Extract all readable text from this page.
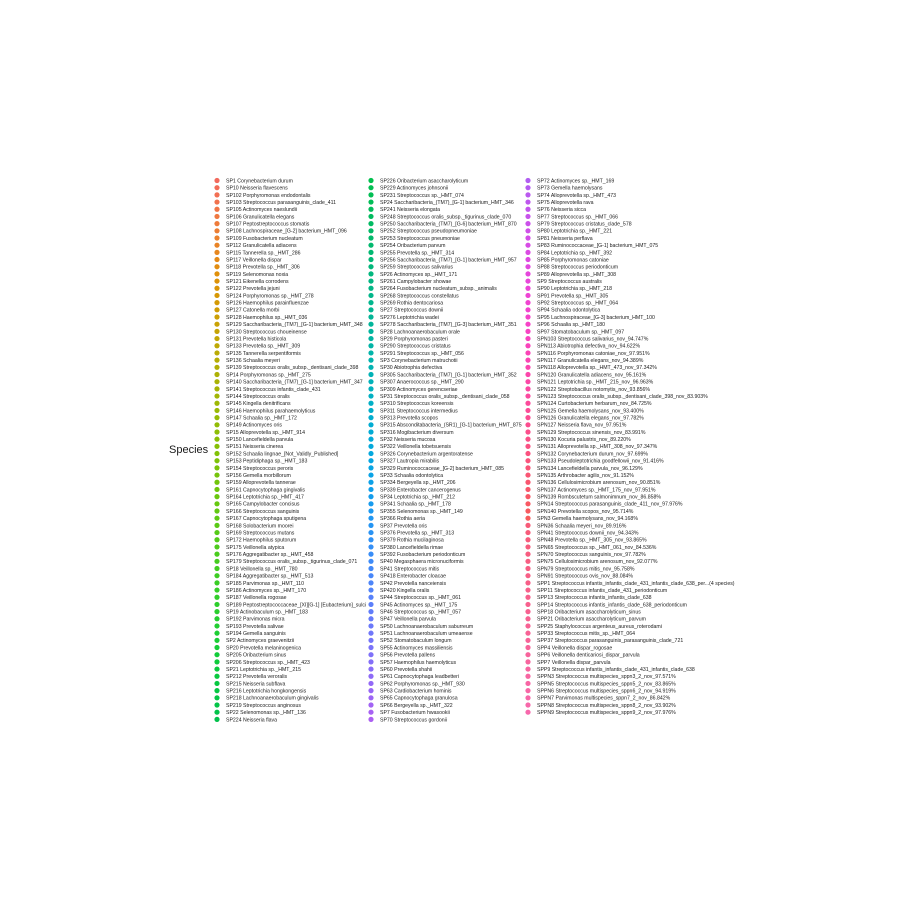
Species
SP1 Corynebacterium durum
SP10 Neisseria flavescens
SP102 Porphyromonas endodontalis
SP103 Streptococcus parasanguinis_clade_411
SP105 Actinomyces naeslundii
SP106 Granulicatella elegans
SP107 Peptostreptococcus stomatis
SP108 Lachnospiraceae_[G-2] bacterium_HMT_096
SP109 Fusobacterium nucleatum
SP112 Granulicatella adiacens
SP115 Tannerella sp._HMT_286
SP117 Veillonella dispar
SP118 Prevotella sp._HMT_306
SP119 Selenomonas noxia
SP121 Eikenella corrodens
SP122 Prevotella jejuni
SP124 Porphyromonas sp._HMT_278
SP126 Haemophilus parainfluenzae
SP127 Catonella morbi
SP128 Haemophilus sp._HMT_036
SP129 Saccharibacteria_(TM7)_[G-1] bacterium_HMT_348
SP130 Streptococcus choueinense
SP131 Prevotella histicola
SP133 Prevotella sp._HMT_309
SP135 Tannerella serpentiformis
SP136 Schaalia meyeri
SP139 Streptococcus oralis_subsp._dentisani_clade_398
SP14 Porphyromonas sp._HMT_275
SP140 Saccharibacteria_(TM7)_[G-1] bacterium_HMT_347
SP141 Streptococcus infantis_clade_431
SP144 Streptococcus oralis
SP145 Kingella denitrificans
SP146 Haemophilus parahaemolyticus
SP147 Schaalia sp._HMT_172
SP149 Actinomyces oris
SP15 Alloprevotella sp._HMT_914
SP150 Lancefieldella parvula
SP151 Neisseria cinerea
SP152 Schaalia lingnae_[Not_Validly_Published]
SP153 Peptidiphaga sp._HMT_183
SP154 Streptococcus peroris
SP156 Gemella morbillorum
SP159 Alloprevotella tannerae
SP161 Capnocytophaga gingivalis
SP164 Leptotrichia sp._HMT_417
SP165 Campylobacter concisus
SP166 Streptococcus sanguinis
SP167 Capnocytophaga sputigena
SP168 Solobacterium moorei
SP169 Streptococcus mutans
SP172 Haemophilus sputorum
SP175 Veillonella atypica
SP176 Aggregatibacter sp._HMT_458
SP179 Streptococcus oralis_subsp._tigurinus_clade_071
SP18 Veillonella sp._HMT_780
SP184 Aggregatibacter sp._HMT_513
SP185 Parvimonas sp._HMT_110
SP186 Actinomyces sp._HMT_170
SP187 Veillonella rogosae
SP189 Peptostreptococcaceae_[XI][G-1] [Eubacterium]_sulci
SP19 Actinobaculum sp._HMT_183
SP192 Parvimonas micra
SP193 Prevotella salivae
SP194 Gemella sanguinis
SP2 Actinomyces graevenitzii
SP20 Prevotella melaninogenica
SP205 Oribacterium sinus
SP206 Streptococcus sp._HMT_423
SP21 Leptotrichia sp._HMT_215
SP212 Prevotella veroralis
SP215 Neisseria subflava
SP216 Leptotrichia hongkongensis
SP218 Lachnoanaerobaculum gingivalis
SP219 Streptococcus anginosus
SP22 Selenomonas sp._HMT_136
SP224 Neisseria flava
SP226 Oribacterium asaccharolyticum
SP229 Actinomyces johnsonii
SP231 Streptococcus sp._HMT_074
SP24 Saccharibacteria_(TM7)_[G-1] bacterium_HMT_346
SP241 Neisseria elongata
SP248 Streptococcus oralis_subsp._tigurinus_clade_070
SP250 Saccharibacteria_(TM7)_[G-6] bacterium_HMT_870
SP252 Streptococcus pseudopneumoniae
SP253 Streptococcus pneumoniae
SP254 Oribacterium parvum
SP255 Prevotella sp._HMT_314
SP256 Saccharibacteria_(TM7)_[G-1] bacterium_HMT_957
SP259 Streptococcus salivarius
SP26 Actinomyces sp._HMT_171
SP261 Campylobacter showae
SP264 Fusobacterium nucleatum_subsp._animalis
SP268 Streptococcus constellatus
SP269 Rothia dentocariosa
SP27 Streptococcus downii
SP276 Leptotrichia wadei
SP278 Saccharibacteria_(TM7)_[G-3] bacterium_HMT_351
SP28 Lachnoanaerobaculum orale
SP29 Porphyromonas pasteri
SP290 Streptococcus cristatus
SP291 Streptococcus sp._HMT_056
SP3 Corynebacterium matruchotii
SP30 Abiotrophia defectiva
SP305 Saccharibacteria_(TM7)_[G-1] bacterium_HMT_352
SP307 Anaerococcus sp._HMT_290
SP309 Actinomyces gerencseriae
SP31 Streptococcus oralis_subsp._dentisani_clade_058
SP310 Streptococcus koreensis
SP311 Streptococcus intermedius
SP313 Prevotella scopos
SP315 Absconditabacteria_(SR1)_[G-1] bacterium_HMT_875
SP316 Mogibacterium diversum
SP32 Neisseria mucosa
SP322 Veillonella tobetsuensis
SP326 Corynebacterium argentoratense
SP327 Lautropia mirabilis
SP329 Ruminococcaceae_[G-2] bacterium_HMT_085
SP33 Schaalia odontolytica
SP334 Bergeyella sp._HMT_206
SP339 Enterobacter cancerogenus
SP34 Leptotrichia sp._HMT_212
SP341 Schaalia sp._HMT_178
SP355 Selenomonas sp._HMT_149
SP366 Rothia aeria
SP37 Prevotella oris
SP376 Prevotella sp._HMT_313
SP379 Rothia mucilaginosa
SP380 Lancefieldella rimae
SP392 Fusobacterium periodonticum
SP40 Megasphaera micronuciformis
SP41 Streptococcus mitis
SP418 Enterobacter cloacae
SP42 Prevotella nanceiensis
SP420 Kingella oralis
SP44 Streptococcus sp._HMT_061
SP45 Actinomyces sp._HMT_175
SP46 Streptococcus sp._HMT_057
SP47 Veillonella parvula
SP50 Lachnoanaerobaculum saburreum
SP51 Lachnoanaerobaculum umeaense
SP52 Stomatobaculum longum
SP55 Actinomyces massiliensis
SP56 Prevotella pallens
SP57 Haemophilus haemolyticus
SP60 Prevotella shahii
SP61 Capnocytophaga leadbetteri
SP62 Porphyromonas sp._HMT_930
SP63 Cardiobacterium hominis
SP65 Capnocytophaga granulosa
SP66 Bergeyella sp._HMT_322
SP7 Fusobacterium hwasookii
SP70 Streptococcus gordonii
SP72 Actinomyces sp._HMT_169
SP73 Gemella haemolysans
SP74 Alloprevotella sp._HMT_473
SP75 Alloprevotella rava
SP76 Neisseria sicca
SP77 Streptococcus sp._HMT_066
SP79 Streptococcus cristatus_clade_578
SP80 Leptotrichia sp._HMT_221
SP81 Neisseria perflava
SP83 Ruminococcaceae_[G-1] bacterium_HMT_075
SP84 Leptotrichia sp._HMT_392
SP85 Porphyromonas catoniae
SP88 Streptococcus periodonticum
SP89 Alloprevotella sp._HMT_308
SP9 Streptococcus australis
SP90 Leptotrichia sp._HMT_218
SP91 Prevotella sp._HMT_305
SP92 Streptococcus sp._HMT_064
SP94 Schaalia odontolytica
SP95 Lachnospiraceae_[G-3] bacterium_HMT_100
SP96 Schaalia sp._HMT_180
SP97 Stomatobaculum sp._HMT_097
SPN103 Streptococcus salivarius_nov_94.747%
SPN113 Abiotrophia defectiva_nov_94.622%
SPN116 Porphyromonas catoniae_nov_97.951%
SPN117 Granulicatella elegans_nov_94.389%
SPN118 Alloprevotella sp._HMT_473_nov_97.342%
SPN120 Granulicatella adiacens_nov_95.161%
SPN121 Leptotrichia sp._HMT_215_nov_96.963%
SPN122 Streptobacillus notomytis_nov_93.856%
SPN123 Streptococcus oralis_subsp._dentisani_clade_398_nov_83.903%
SPN124 Curtobacterium herbarum_nov_84.725%
SPN125 Gemella haemolysans_nov_93.400%
SPN126 Granulicatella elegans_nov_97.782%
SPN127 Neisseria flava_nov_97.951%
SPN129 Streptococcus sinensis_nov_83.991%
SPN130 Kocuria palustris_nov_89.220%
SPN131 Alloprevotella sp._HMT_308_nov_97.347%
SPN132 Corynebacterium durum_nov_97.699%
SPN133 Pseudoleptotrichia goodfellowii_nov_91.416%
SPN134 Lancefieldella parvula_nov_96.129%
SPN135 Arthrobacter agilis_nov_91.152%
SPN136 Cellulosimicrobium arenosum_nov_90.851%
SPN137 Actinomyces sp._HMT_175_nov_97.951%
SPN139 Rombscutetum salmonimnum_nov_86.858%
SPN14 Streptococcus parasanguinis_clade_411_nov_97.976%
SPN140 Prevotella scopos_nov_95.714%
SPN3 Gemella haemolysans_nov_94.168%
SPN36 Schaalia meyeri_nov_89.916%
SPN41 Streptococcus downii_nov_94.343%
SPN48 Prevotella sp._HMT_305_nov_93.865%
SPN65 Streptococcus sp._HMT_061_nov_84.536%
SPN70 Streptococcus sanguinis_nov_97.782%
SPN75 Cellulosimicrobium arenosum_nov_92.077%
SPN79 Streptococcus mitis_nov_95.758%
SPN91 Streptococcus ovis_nov_88.084%
SPP1 Streptococcus infantis_infantis_clade_431_infantis_clade_638_per...(4 species)
SPP11 Streptococcus infantis_clade_431_periodonticum
SPP13 Streptococcus infantis_infantis_clade_638
SPP14 Streptococcus infantis_infantis_clade_638_periodonticum
SPP18 Oribacterium asaccharolyticum_sinus
SPP21 Oribacterium asaccharolyticum_parvum
SPP25 Staphylococcus argenteus_aureus_roterodami
SPP33 Streptococcus mitis_sp._HMT_064
SPP37 Streptococcus parasanguinis_parasanguinis_clade_721
SPP4 Veillonella dispar_rogosae
SPP6 Veillonella denticariosi_dispar_parvula
SPP7 Veillonella dispar_parvula
SPP9 Streptococcus infantis_infantis_clade_431_infantis_clade_638
SPPN3 Streptococcus multispecies_sppn3_2_nov_97.571%
SPPN5 Streptococcus multispecies_sppn5_2_nov_83.865%
SPPN6 Streptococcus multispecies_sppn6_2_nov_94.919%
SPPN7 Parvimonas multispecies_sppn7_2_nov_86.842%
SPPN8 Streptococcus multispecies_sppn8_2_nov_93.902%
SPPN9 Streptococcus multispecies_sppn9_2_nov_97.976%
